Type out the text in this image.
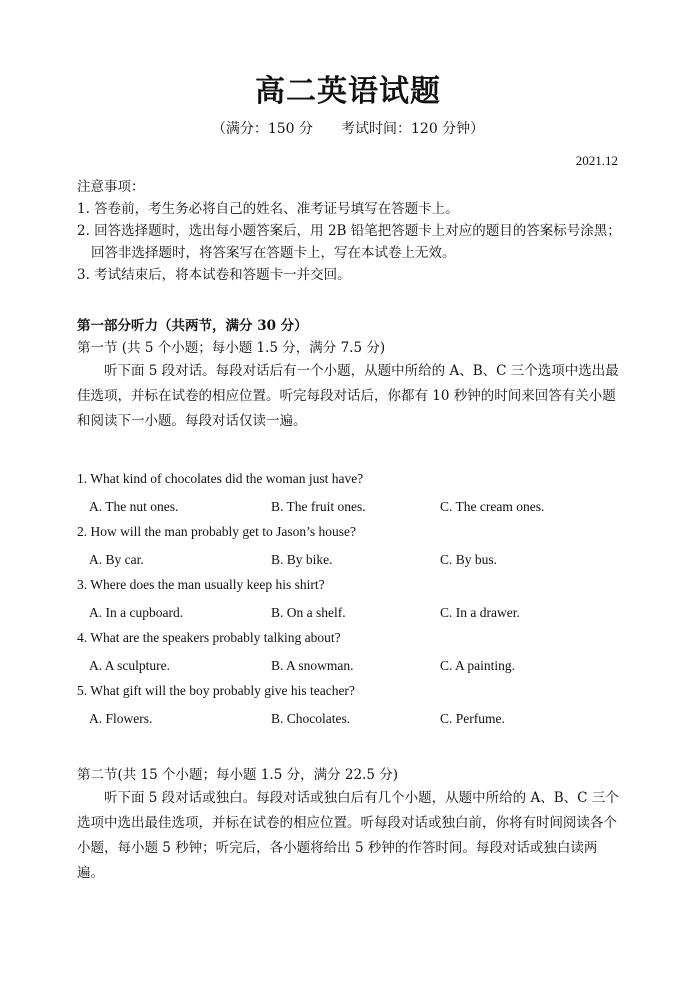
高二英语试题
（满分：150 分 考试时间：120 分钟）
2021.12
注意事项：
1. 答卷前，考生务必将自己的姓名、准考证号填写在答题卡上。
2. 回答选择题时，选出每小题答案后，用 2B 铅笔把答题卡上对应的题目的答案标号涂黑；
回答非选择题时，将答案写在答题卡上，写在本试卷上无效。
3. 考试结束后，将本试卷和答题卡一并交回。
第一部分听力（共两节，满分 30 分）
第一节 (共 5 个小题；每小题 1.5 分，满分 7.5 分)

听下面 5 段对话。每段对话后有一个小题，从题中所给的 A、B、C 三个选项中选出最佳选项，并标在试卷的相应位置。听完每段对话后，你都有 10 秒钟的时间来回答有关小题和阅读下一小题。每段对话仅读一遍。

1. What kind of chocolates did the woman just have?
A. The nut ones.	B. The fruit ones.	C. The cream ones.
2. How will the man probably get to Jason’s house?
A. By car.	B. By bike.	C. By bus.
3. Where does the man usually keep his shirt?
A. In a cupboard.	B. On a shelf.	C. In a drawer.
4. What are the speakers probably talking about?
A. A sculpture.	B. A snowman.	C. A painting.
5. What gift will the boy probably give his teacher?
A. Flowers.	B. Chocolates.	C. Perfume.
第二节(共 15 个小题；每小题 1.5 分，满分 22.5 分)

听下面 5 段对话或独白。每段对话或独白后有几个小题，从题中所给的 A、B、C 三个选项中选出最佳选项，并标在试卷的相应位置。听每段对话或独白前，你将有时间阅读各个小题，每小题 5 秒钟；听完后，各小题将给出 5 秒钟的作答时间。每段对话或独白读两遍。
